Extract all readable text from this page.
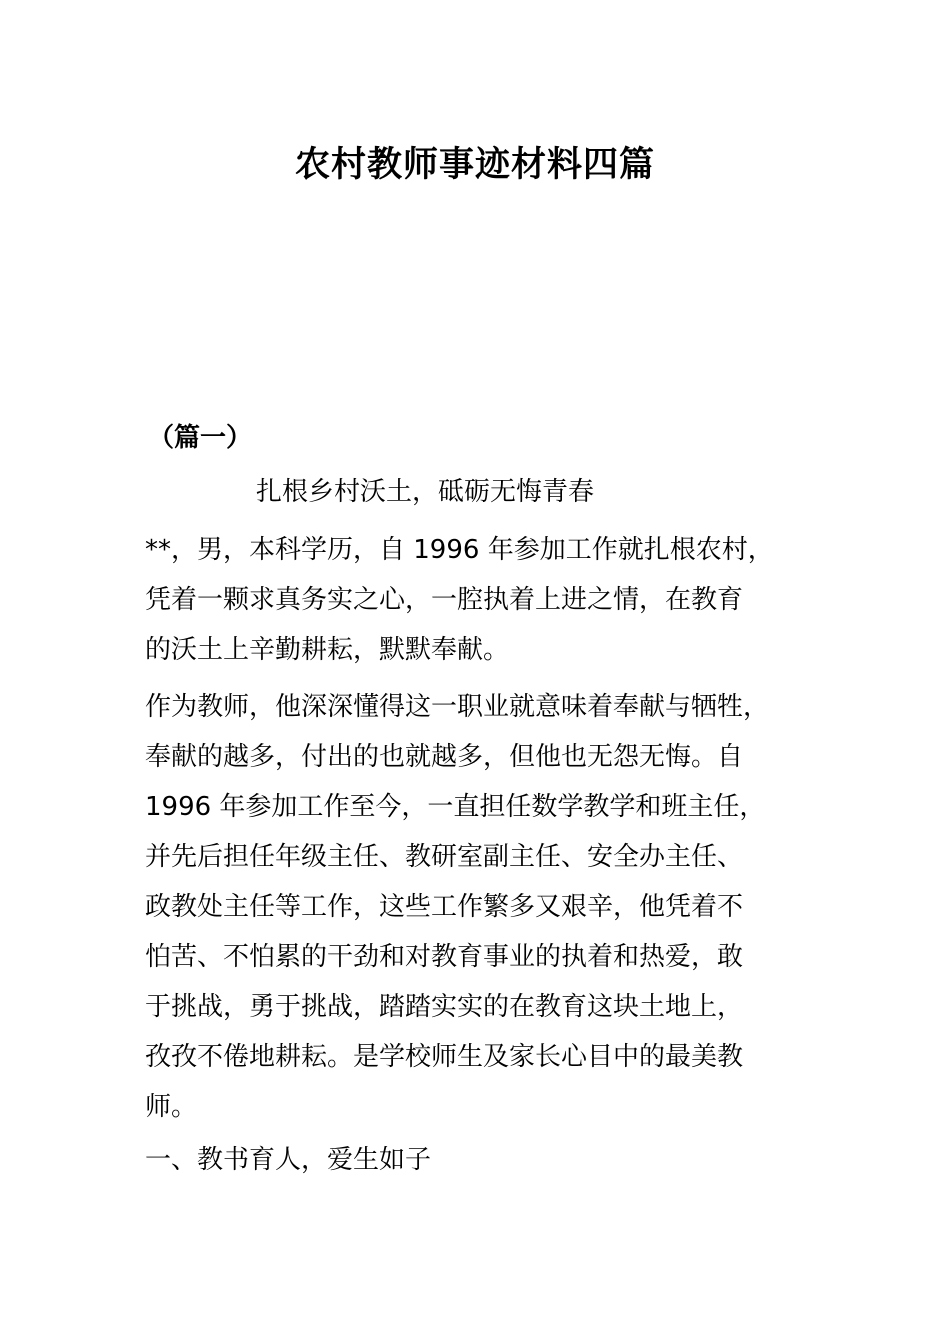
农村教师事迹材料四篇
（篇一）
扎根乡村沃土，砥砺无悔青春
**，男，本科学历，自 1996 年参加工作就扎根农村，
凭着一颗求真务实之心，一腔执着上进之情，在教育
的沃土上辛勤耕耘，默默奉献。
作为教师，他深深懂得这一职业就意味着奉献与牺牲，
奉献的越多，付出的也就越多，但他也无怨无悔。自
1996 年参加工作至今，一直担任数学教学和班主任，
并先后担任年级主任、教研室副主任、安全办主任、
政教处主任等工作，这些工作繁多又艰辛，他凭着不
怕苦、不怕累的干劲和对教育事业的执着和热爱，敢
于挑战，勇于挑战，踏踏实实的在教育这块土地上，
孜孜不倦地耕耘。是学校师生及家长心目中的最美教
师。
一、教书育人，爱生如子
